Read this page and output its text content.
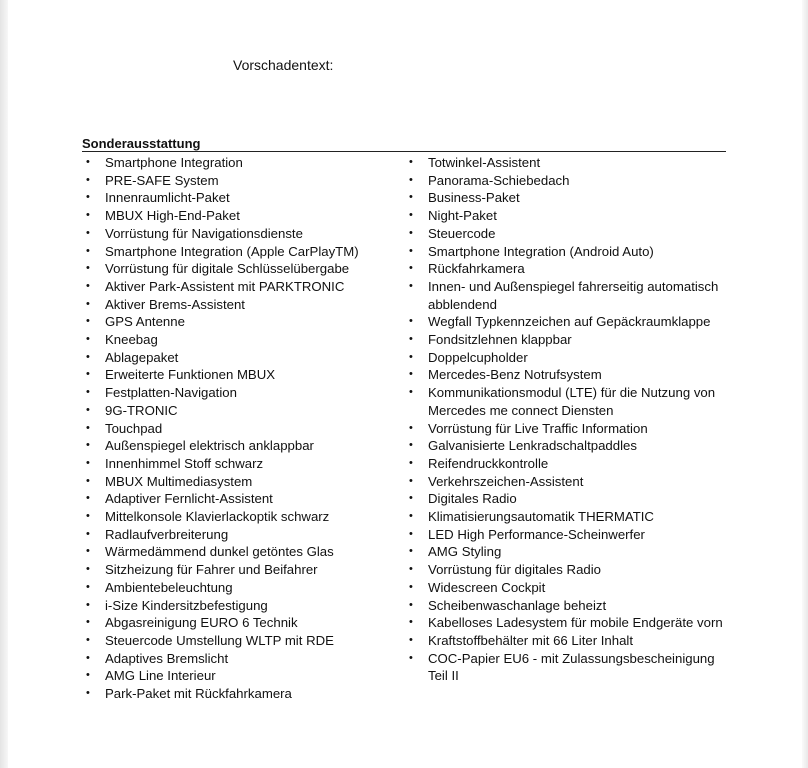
Vorschadentext:
Sonderausstattung
• Smartphone Integration
• PRE-SAFE System
• Innenraumlicht-Paket
• MBUX High-End-Paket
• Vorrüstung für Navigationsdienste
• Smartphone Integration (Apple CarPlayTM)
• Vorrüstung für digitale Schlüsselübergabe
• Aktiver Park-Assistent mit PARKTRONIC
• Aktiver Brems-Assistent
• GPS Antenne
• Kneebag
• Ablagepaket
• Erweiterte Funktionen MBUX
• Festplatten-Navigation
• 9G-TRONIC
• Touchpad
• Außenspiegel elektrisch anklappbar
• Innenhimmel Stoff schwarz
• MBUX Multimediasystem
• Adaptiver Fernlicht-Assistent
• Mittelkonsole Klavierlackoptik schwarz
• Radlaufverbreiterung
• Wärmedämmend dunkel getöntes Glas
• Sitzheizung für Fahrer und Beifahrer
• Ambientebeleuchtung
• i-Size Kindersitzbefestigung
• Abgasreinigung EURO 6 Technik
• Steuercode Umstellung WLTP mit RDE
• Adaptives Bremslicht
• AMG Line Interieur
• Park-Paket mit Rückfahrkamera
• Totwinkel-Assistent
• Panorama-Schiebedach
• Business-Paket
• Night-Paket
• Steuercode
• Smartphone Integration (Android Auto)
• Rückfahrkamera
• Innen- und Außenspiegel fahrerseitig automatisch abblendend
• Wegfall Typkennzeichen auf Gepäckraumklappe
• Fondsitzlehnen klappbar
• Doppelcupholder
• Mercedes-Benz Notrufsystem
• Kommunikationsmodul (LTE) für die Nutzung von Mercedes me connect Diensten
• Vorrüstung für Live Traffic Information
• Galvanisierte Lenkradschaltpaddles
• Reifendruckkontrolle
• Verkehrszeichen-Assistent
• Digitales Radio
• Klimatisierungsautomatik THERMATIC
• LED High Performance-Scheinwerfer
• AMG Styling
• Vorrüstung für digitales Radio
• Widescreen Cockpit
• Scheibenwaschanlage beheizt
• Kabelloses Ladesystem für mobile Endgeräte vorn
• Kraftstoffbehälter mit 66 Liter Inhalt
• COC-Papier EU6 - mit Zulassungsbescheinigung Teil II
